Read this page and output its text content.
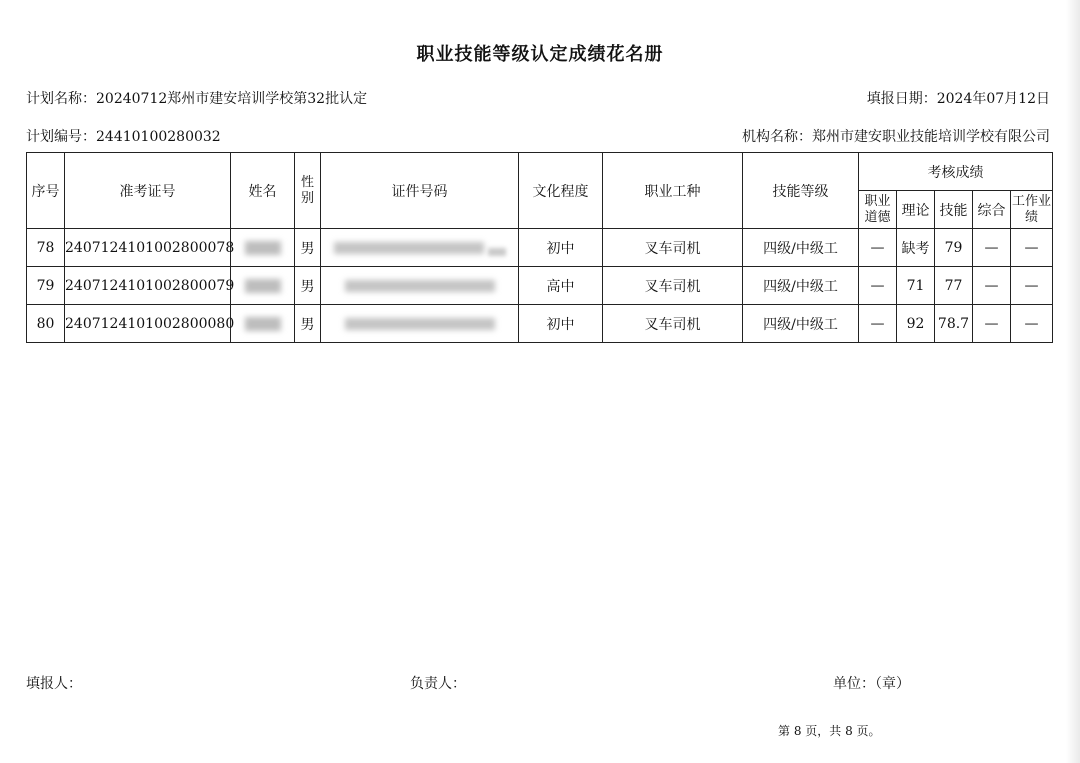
职业技能等级认定成绩花名册
计划名称：20240712郑州市建安培训学校第32批认定	填报日期：2024年07月12日
计划编号：24410100280032	机构名称：郑州市建安职业技能培训学校有限公司
序号	准考证号	姓名	性别	证件号码	文化程度	职业工种	技能等级	考核成绩				
								职业道德	理论	技能	综合	工作业绩
78	2407124101002800078		男		初中	叉车司机	四级/中级工	—	缺考	79	—	—
79	2407124101002800079		男		高中	叉车司机	四级/中级工	—	71	77	—	—
80	2407124101002800080		男		初中	叉车司机	四级/中级工	—	92	78.7	—	—
填报人：	负责人：	单位：（章）
第 8 页，共 8 页。
